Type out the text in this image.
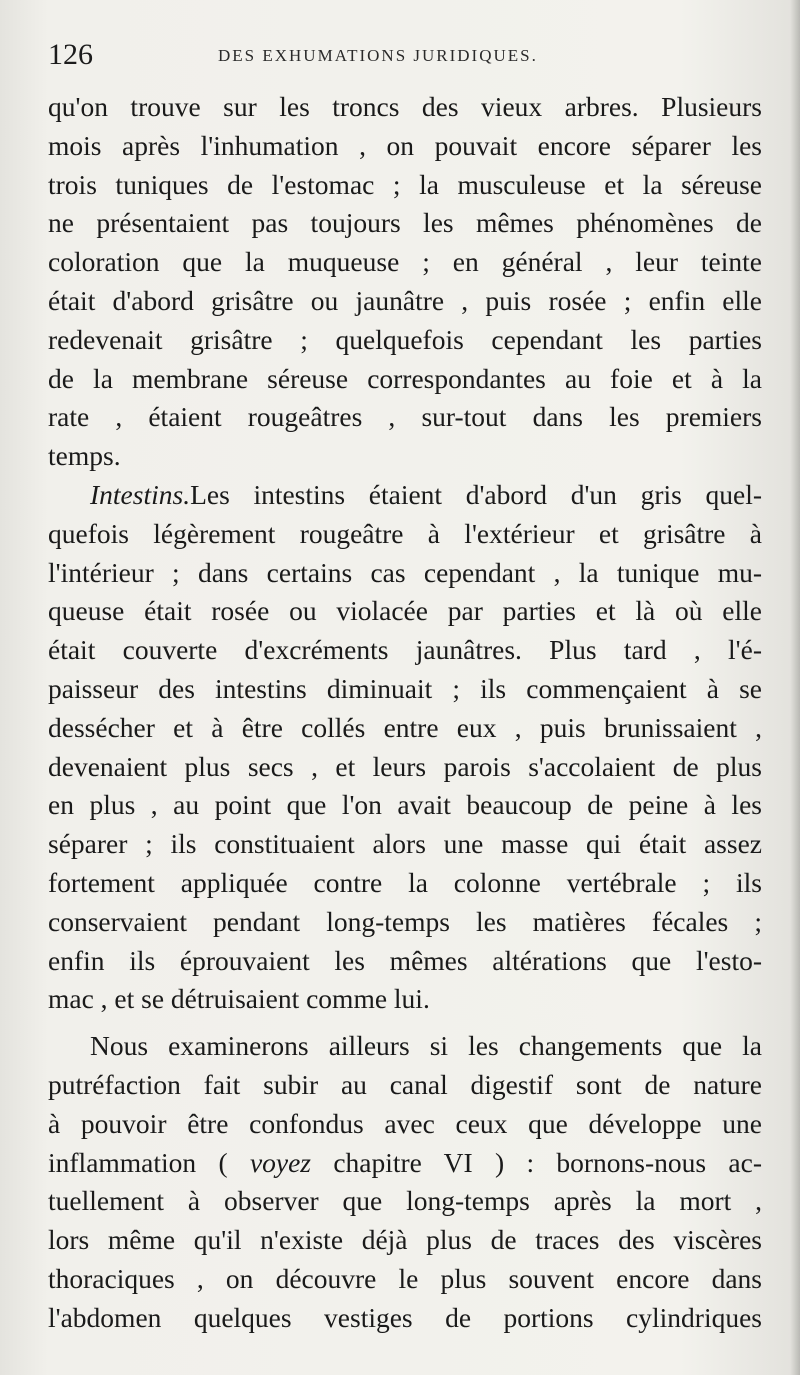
126	DES EXHUMATIONS JURIDIQUES.
qu'on trouve sur les troncs des vieux arbres. Plusieurs
mois après l'inhumation , on pouvait encore séparer les
trois tuniques de l'estomac ; la musculeuse et la séreuse
ne présentaient pas toujours les mêmes phénomènes de
coloration que la muqueuse ; en général , leur teinte
était d'abord grisâtre ou jaunâtre , puis rosée ; enfin elle
redevenait grisâtre ; quelquefois cependant les parties
de la membrane séreuse correspondantes au foie et à la
rate , étaient rougeâtres , sur-tout dans les premiers
temps.
Intestins.Les intestins étaient d'abord d'un gris quel-
quefois légèrement rougeâtre à l'extérieur et grisâtre à
l'intérieur ; dans certains cas cependant , la tunique mu-
queuse était rosée ou violacée par parties et là où elle
était couverte d'excréments jaunâtres. Plus tard , l'é-
paisseur des intestins diminuait ; ils commençaient à se
dessécher et à être collés entre eux , puis brunissaient ,
devenaient plus secs , et leurs parois s'accolaient de plus
en plus , au point que l'on avait beaucoup de peine à les
séparer ; ils constituaient alors une masse qui était assez
fortement appliquée contre la colonne vertébrale ; ils
conservaient pendant long-temps les matières fécales ;
enfin ils éprouvaient les mêmes altérations que l'esto-
mac , et se détruisaient comme lui.
Nous examinerons ailleurs si les changements que la
putréfaction fait subir au canal digestif sont de nature
à pouvoir être confondus avec ceux que développe une
inflammation ( voyez chapitre VI ) : bornons-nous ac-
tuellement à observer que long-temps après la mort ,
lors même qu'il n'existe déjà plus de traces des viscères
thoraciques , on découvre le plus souvent encore dans
l'abdomen quelques vestiges de portions cylindriques
